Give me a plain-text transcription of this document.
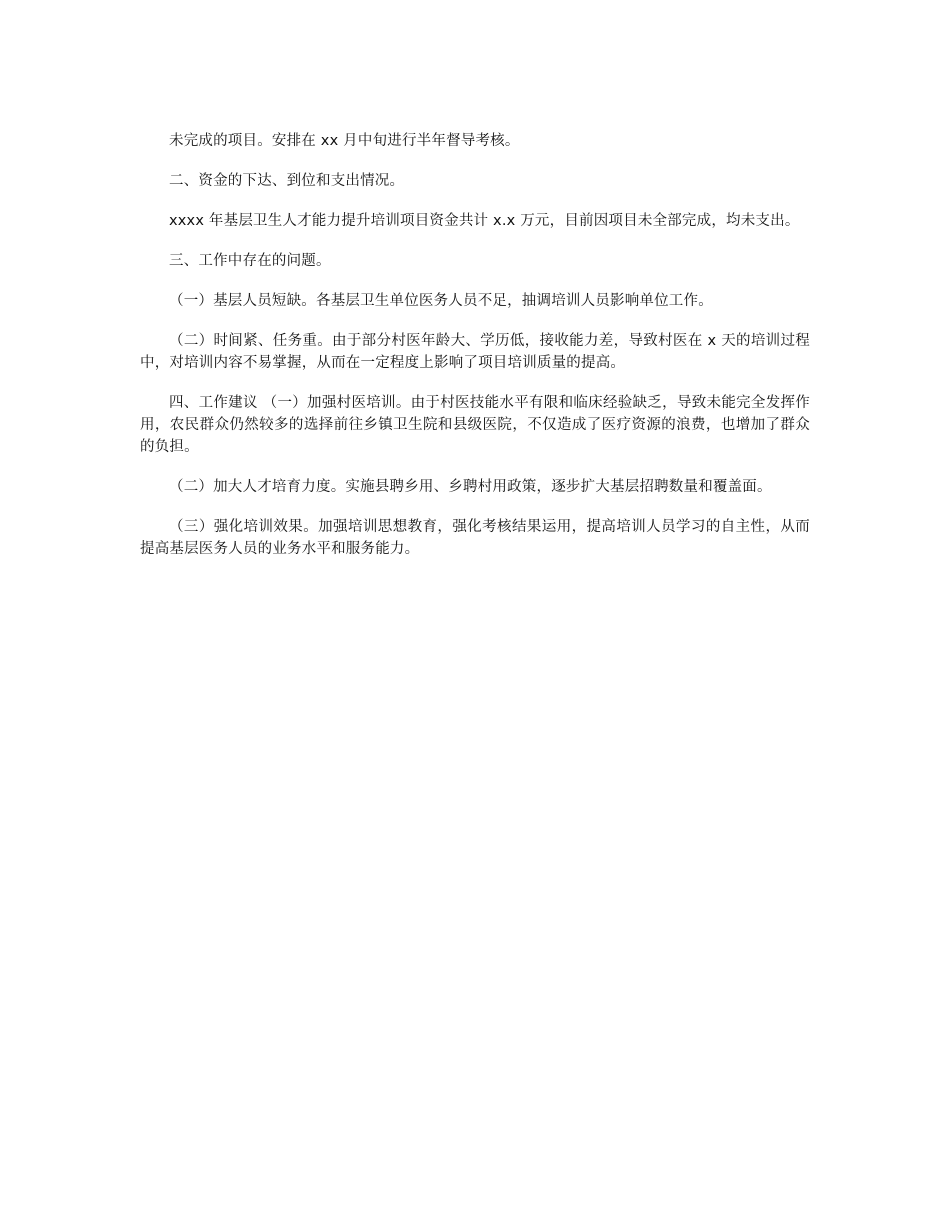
未完成的项目。安排在 xx 月中旬进行半年督导考核。

二、资金的下达、到位和支出情况。

xxxx 年基层卫生人才能力提升培训项目资金共计 x.x 万元，目前因项目未全部完成，均未支出。

三、工作中存在的问题。

（一）基层人员短缺。各基层卫生单位医务人员不足，抽调培训人员影响单位工作。

（二）时间紧、任务重。由于部分村医年龄大、学历低，接收能力差，导致村医在 x 天的培训过程中，对培训内容不易掌握，从而在一定程度上影响了项目培训质量的提高。

四、工作建议 （一）加强村医培训。由于村医技能水平有限和临床经验缺乏，导致未能完全发挥作用，农民群众仍然较多的选择前往乡镇卫生院和县级医院，不仅造成了医疗资源的浪费，也增加了群众的负担。

（二）加大人才培育力度。实施县聘乡用、乡聘村用政策，逐步扩大基层招聘数量和覆盖面。

（三）强化培训效果。加强培训思想教育，强化考核结果运用，提高培训人员学习的自主性，从而提高基层医务人员的业务水平和服务能力。
